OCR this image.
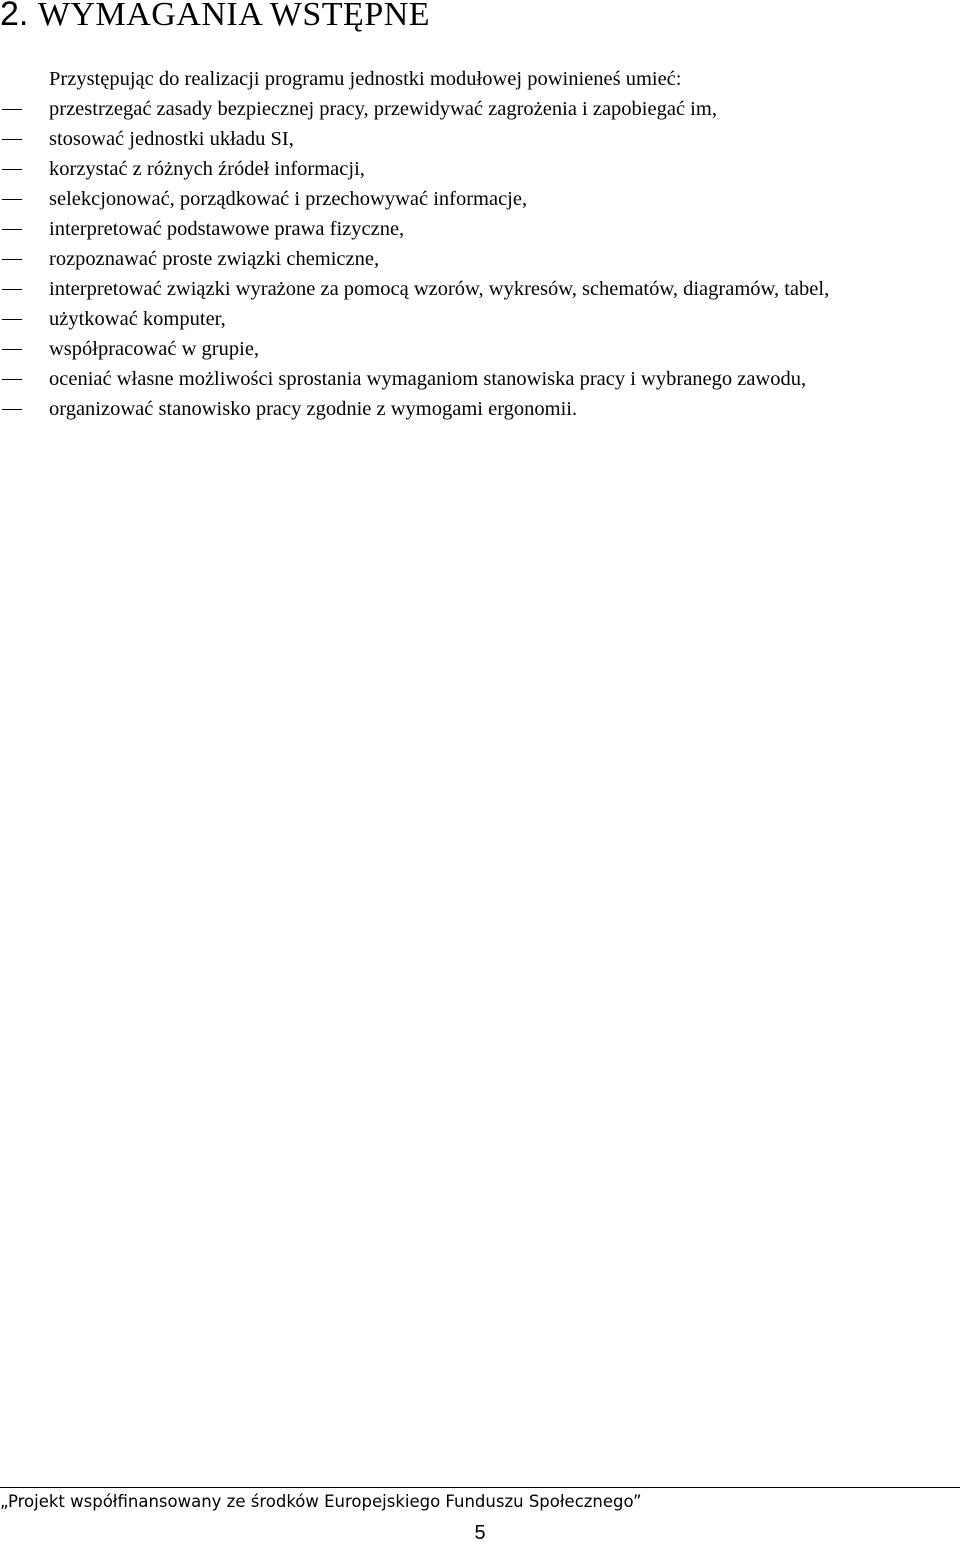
2. WYMAGANIA WSTĘPNE

Przystępując do realizacji programu jednostki modułowej powinieneś umieć:

przestrzegać zasady bezpiecznej pracy, przewidywać zagrożenia i zapobiegać im,
stosować jednostki układu SI,
korzystać z różnych źródeł informacji,
selekcjonować, porządkować i przechowywać informacje,
interpretować podstawowe prawa fizyczne,
rozpoznawać proste związki chemiczne,
interpretować związki wyrażone za pomocą wzorów, wykresów, schematów, diagramów, tabel,
użytkować komputer,
współpracować w grupie,
oceniać własne możliwości sprostania wymaganiom stanowiska pracy i wybranego zawodu,
organizować stanowisko pracy zgodnie z wymogami ergonomii.

„Projekt współfinansowany ze środków Europejskiego Funduszu Społecznego”

5
